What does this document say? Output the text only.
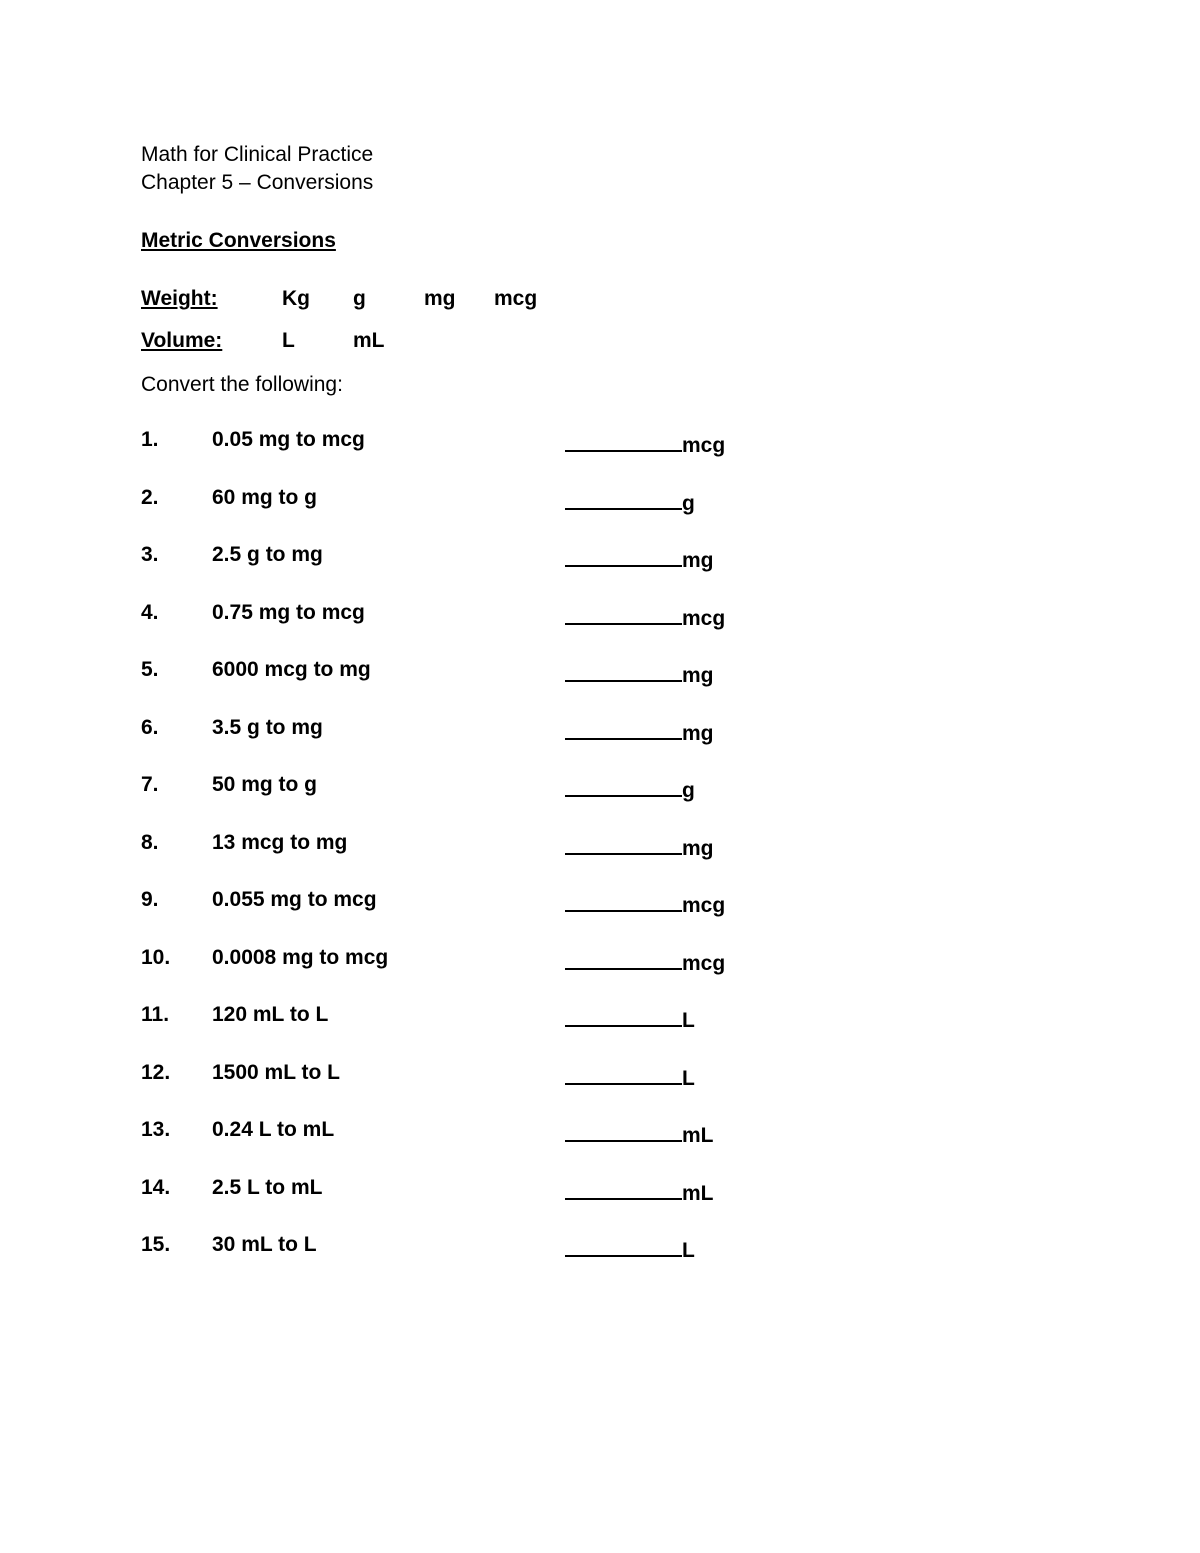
Math for Clinical Practice
Chapter 5 – Conversions
Metric Conversions
Weight:	Kg g	mg mcg
Volume:	L	mL
Convert the following:
1.	0.05 mg to mcg	mcg
2.	60 mg to g	g
3.	2.5 g to mg	mg
4.	0.75 mg to mcg	mcg
5.	6000 mcg to mg	mg
6.	3.5 g to mg	mg
7.	50 mg to g	g
8.	13 mcg to mg	mg
9.	0.055 mg to mcg	mcg
10. 0.0008 mg to mcg	mcg
11. 120 mL to L	L
12. 1500 mL to L	L
13. 0.24 L to mL	mL
14. 2.5 L to mL	mL
15. 30 mL to L	L
